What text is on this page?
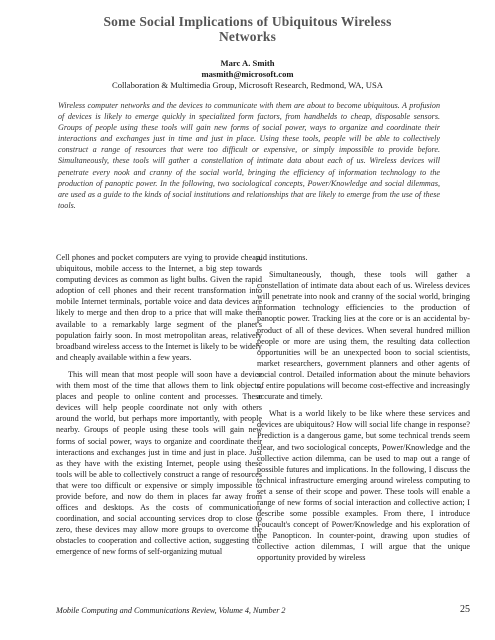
Some Social Implications of Ubiquitous Wireless
Networks
Marc A. Smith
masmith@microsoft.com
Collaboration & Multimedia Group, Microsoft Research, Redmond, WA, USA
Wireless computer networks and the devices to communicate with them are about to become ubiquitous. A profusion of devices is likely to emerge quickly in specialized form factors, from handhelds to cheap, disposable sensors. Groups of people using these tools will gain new forms of social power, ways to organize and coordinate their interactions and exchanges just in time and just in place. Using these tools, people will be able to collectively construct a range of resources that were too difficult or expensive, or simply impossible to provide before. Simultaneously, these tools will gather a constellation of intimate data about each of us. Wireless devices will penetrate every nook and cranny of the social world, bringing the efficiency of information technology to the production of panoptic power. In the following, two sociological concepts, Power/Knowledge and social dilemmas, are used as a guide to the kinds of social institutions and relationships that are likely to emerge from the use of these tools.

Cell phones and pocket computers are vying to provide cheap, ubiquitous, mobile access to the Internet, a big step towards computing devices as common as light bulbs. Given the rapid adoption of cell phones and their recent transformation into mobile Internet terminals, portable voice and data devices are likely to merge and then drop to a price that will make them available to a remarkably large segment of the planet's population fairly soon. In most metropolitan areas, relatively broadband wireless access to the Internet is likely to be widely and cheaply available within a few years.

This will mean that most people will soon have a device with them most of the time that allows them to link objects, places and people to online content and processes. These devices will help people coordinate not only with others around the world, but perhaps more importantly, with people nearby. Groups of people using these tools will gain new forms of social power, ways to organize and coordinate their interactions and exchanges just in time and just in place. Just as they have with the existing Internet, people using these tools will be able to collectively construct a range of resources that were too difficult or expensive or simply impossible to provide before, and now do them in places far away from offices and desktops. As the costs of communication, coordination, and social accounting services drop to close to zero, these devices may allow more groups to overcome the obstacles to cooperation and collective action, suggesting the emergence of new forms of self-organizing mutual

aid institutions.

Simultaneously, though, these tools will gather a constellation of intimate data about each of us. Wireless devices will penetrate into nook and cranny of the social world, bringing information technology efficiencies to the production of panoptic power. Tracking lies at the core or is an accidental by-product of all of these devices. When several hundred million people or more are using them, the resulting data collection opportunities will be an unexpected boon to social scientists, market researchers, government planners and other agents of social control. Detailed information about the minute behaviors of entire populations will become cost-effective and increasingly accurate and timely.

What is a world likely to be like where these services and devices are ubiquitous? How will social life change in response? Prediction is a dangerous game, but some technical trends seem clear, and two sociological concepts, Power/Knowledge and the collective action dilemma, can be used to map out a range of possible futures and implications. In the following, I discuss the technical infrastructure emerging around wireless computing to set a sense of their scope and power. These tools will enable a range of new forms of social interaction and collective action; I describe some possible examples. From there, I introduce Foucault's concept of Power/Knowledge and his exploration of the Panopticon. In counter-point, drawing upon studies of collective action dilemmas, I will argue that the unique opportunity provided by wireless

Mobile Computing and Communications Review, Volume 4, Number 2	25
